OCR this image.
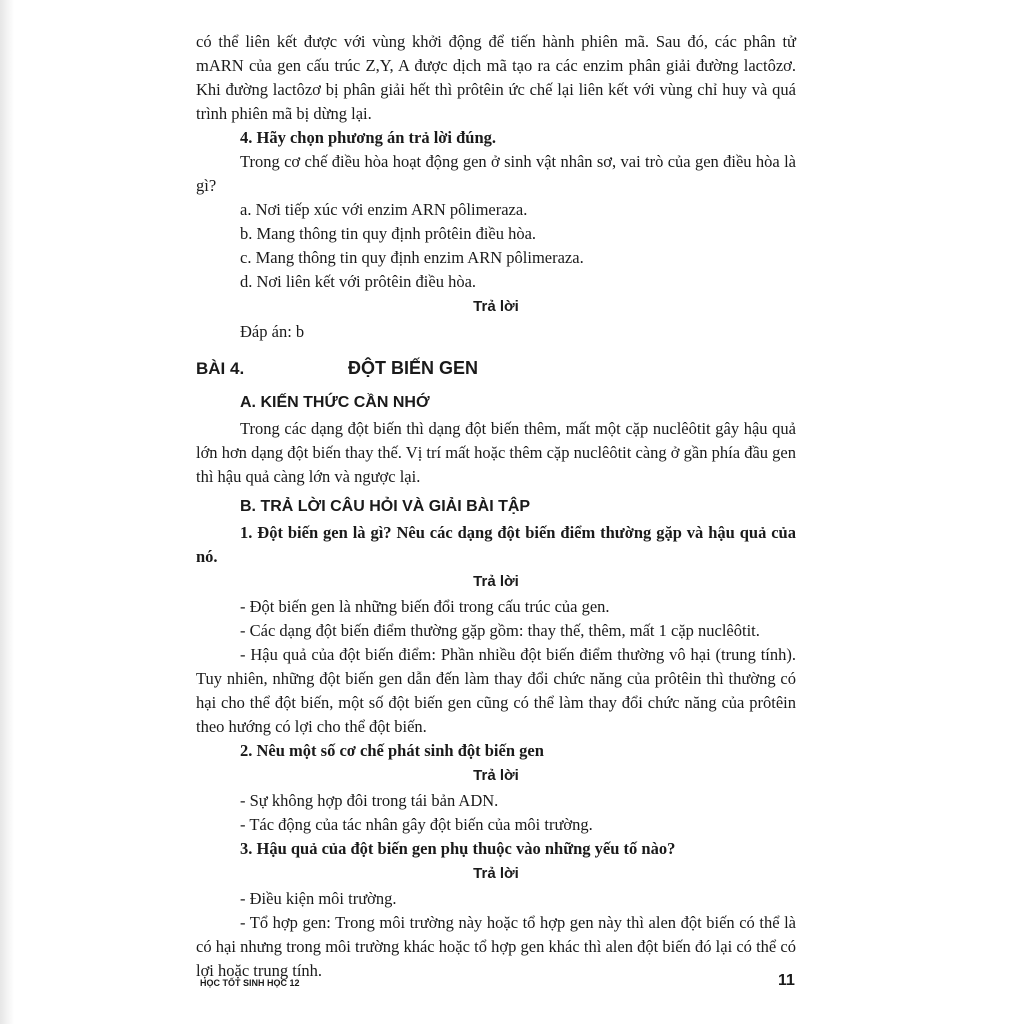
có thể liên kết được với vùng khởi động để tiến hành phiên mã. Sau đó, các phân tử mARN của gen cấu trúc Z,Y, A được dịch mã tạo ra các enzim phân giải đường lactôzơ. Khi đường lactôzơ bị phân giải hết thì prôtêin ức chế lại liên kết với vùng chỉ huy và quá trình phiên mã bị dừng lại.

4. Hãy chọn phương án trả lời đúng.

Trong cơ chế điều hòa hoạt động gen ở sinh vật nhân sơ, vai trò của gen điều hòa là gì?

a. Nơi tiếp xúc với enzim ARN pôlimeraza.

b. Mang thông tin quy định prôtêin điều hòa.

c. Mang thông tin quy định enzim ARN pôlimeraza.

d. Nơi liên kết với prôtêin điều hòa.

Trả lời

Đáp án: b

BÀI 4.	ĐỘT BIẾN GEN

A. KIẾN THỨC CẦN NHỚ

Trong các dạng đột biến thì dạng đột biến thêm, mất một cặp nuclêôtit gây hậu quả lớn hơn dạng đột biến thay thế. Vị trí mất hoặc thêm cặp nuclêôtit càng ở gần phía đầu gen thì hậu quả càng lớn và ngược lại.

B. TRẢ LỜI CÂU HỎI VÀ GIẢI BÀI TẬP

1. Đột biến gen là gì? Nêu các dạng đột biến điểm thường gặp và hậu quả của nó.

Trả lời

- Đột biến gen là những biến đổi trong cấu trúc của gen.

- Các dạng đột biến điểm thường gặp gồm: thay thế, thêm, mất 1 cặp nuclêôtit.

- Hậu quả của đột biến điểm: Phần nhiều đột biến điểm thường vô hại (trung tính). Tuy nhiên, những đột biến gen dẫn đến làm thay đổi chức năng của prôtêin thì thường có hại cho thể đột biến, một số đột biến gen cũng có thể làm thay đổi chức năng của prôtêin theo hướng có lợi cho thể đột biến.

2. Nêu một số cơ chế phát sinh đột biến gen

Trả lời

- Sự không hợp đôi trong tái bản ADN.

- Tác động của tác nhân gây đột biến của môi trường.

3. Hậu quả của đột biến gen phụ thuộc vào những yếu tố nào?

Trả lời

- Điều kiện môi trường.

- Tổ hợp gen: Trong môi trường này hoặc tổ hợp gen này thì alen đột biến có thể là có hại nhưng trong môi trường khác hoặc tổ hợp gen khác thì alen đột biến đó lại có thể có lợi hoặc trung tính.

HỌC TỐT SINH HỌC 12	11
